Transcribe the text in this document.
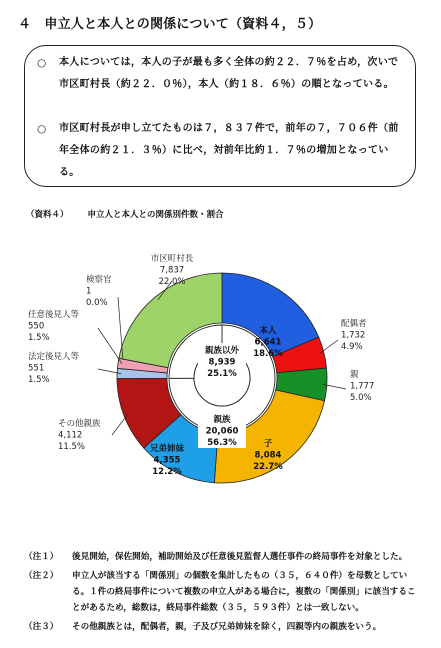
４　申立人と本人との関係について（資料４，５）
○	本人については，本人の子が最も多く全体の約２２．７％を占め，次いで市区町村長（約２２．０％），本人（約１８．６％）の順となっている。
○	市区町村長が申し立てたものは７，８３７件で，前年の７，７０６件（前年全体の約２１．３％）に比べ，対前年比約１．７％の増加となっている。
（資料４） 申立人と本人との関係別件数・割合
親族
20,060
56.3%
親族以外
8,939
25.1%
本人
6,641
18.6%
配偶者
1,732
4.9%
親
1,777
5.0%
子
8,084
22.7%
兄弟姉妹
4,355
12.2%
その他親族
4,112
11.5%
法定後見人等
551
1.5%
任意後見人等
550
1.5%
検察官
1
0.0%
市区町村長
7,837
22.0%
（注１） 後見開始，保佐開始，補助開始及び任意後見監督人選任事件の終局事件を対象とした。
（注２） 申立人が該当する「関係別」の個数を集計したもの（３５，６４０件）を母数としている。１件の終局事件について複数の申立人がある場合に，複数の「関係別」に該当することがあるため，総数は，終局事件総数（３５，５９３件）とは一致しない。
（注３） その他親族とは，配偶者，親，子及び兄弟姉妹を除く，四親等内の親族をいう。
